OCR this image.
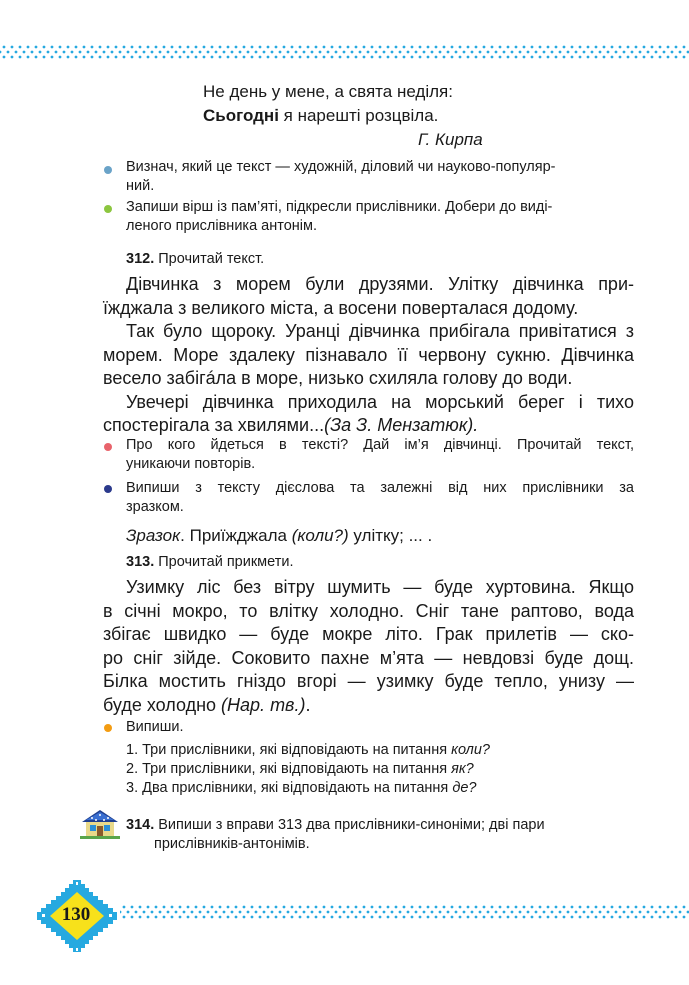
Не день у мене, а свята неділя:
Сьогодні я нарешті розцвіла.
Г. Кирпа
Визнач, який це текст — художній, діловий чи науково-популяр-
ний.
Запиши вірш із пам’яті, підкресли прислівники. Добери до виді-
леного прислівника антонім.
312. Прочитай текст.
Дівчинка з морем були друзями. Улітку дівчинка при-
їжджала з великого міста, а восени поверталася додому.
Так було щороку. Уранці дівчинка прибігала привітатися з
морем. Море здалеку пізнавало її червону сукню. Дівчинка
весело забігáла в море, низько схиляла голову до води.
Увечері дівчинка приходила на морський берег і тихо
спостерігала за хвилями...(За З. Мензатюк).
Про кого йдеться в тексті? Дай ім’я дівчинці. Прочитай текст,
уникаючи повторів.
Випиши з тексту дієслова та залежні від них прислівники за
зразком.
Зразок. Приїжджала (коли?) улітку; ... .
313. Прочитай прикмети.
Узимку ліс без вітру шумить — буде хуртовина. Якщо
в січні мокро, то влітку холодно. Сніг тане раптово, вода
збігає швидко — буде мокре літо. Грак прилетів — ско-
ро сніг зійде. Соковито пахне м’ята — невдовзі буде дощ.
Білка мостить гніздо вгорі — узимку буде тепло, унизу —
буде холодно (Нар. тв.).
Випиши.
1. Три прислівники, які відповідають на питання коли?
2. Три прислівники, які відповідають на питання як?
3. Два прислівники, які відповідають на питання де?
314. Випиши з вправи 313 два прислівники-синоніми; дві пари
прислівників-антонімів.
130
